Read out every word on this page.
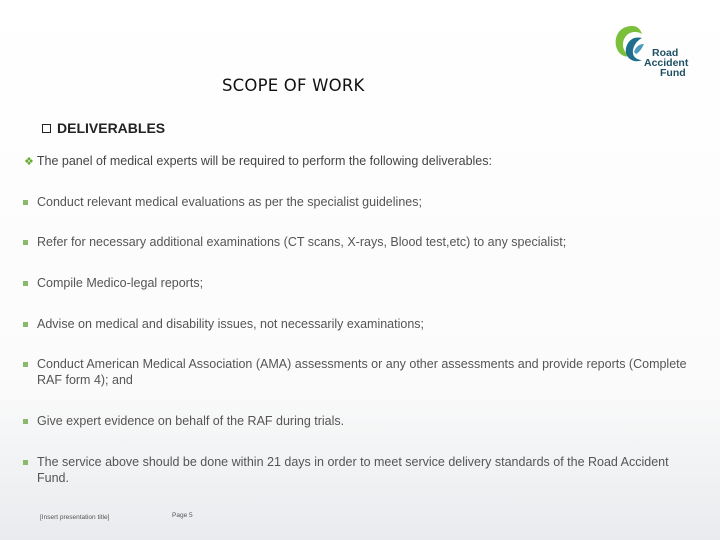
SCOPE OF WORK
Road
Accident
Fund
DELIVERABLES
❖ The panel of medical experts will be required to perform the following deliverables:
Conduct relevant medical evaluations as per the specialist guidelines;
Refer for necessary additional examinations (CT scans, X-rays, Blood test,etc) to any specialist;
Compile Medico-legal reports;
Advise on medical and disability issues, not necessarily examinations;
Conduct American Medical Association (AMA) assessments or any other assessments and provide reports (Complete RAF form 4); and
Give expert evidence on behalf of the RAF during trials.
The service above should be done within 21 days in order to meet service delivery standards of the Road Accident Fund.
[Insert presentation title]	Page 5
